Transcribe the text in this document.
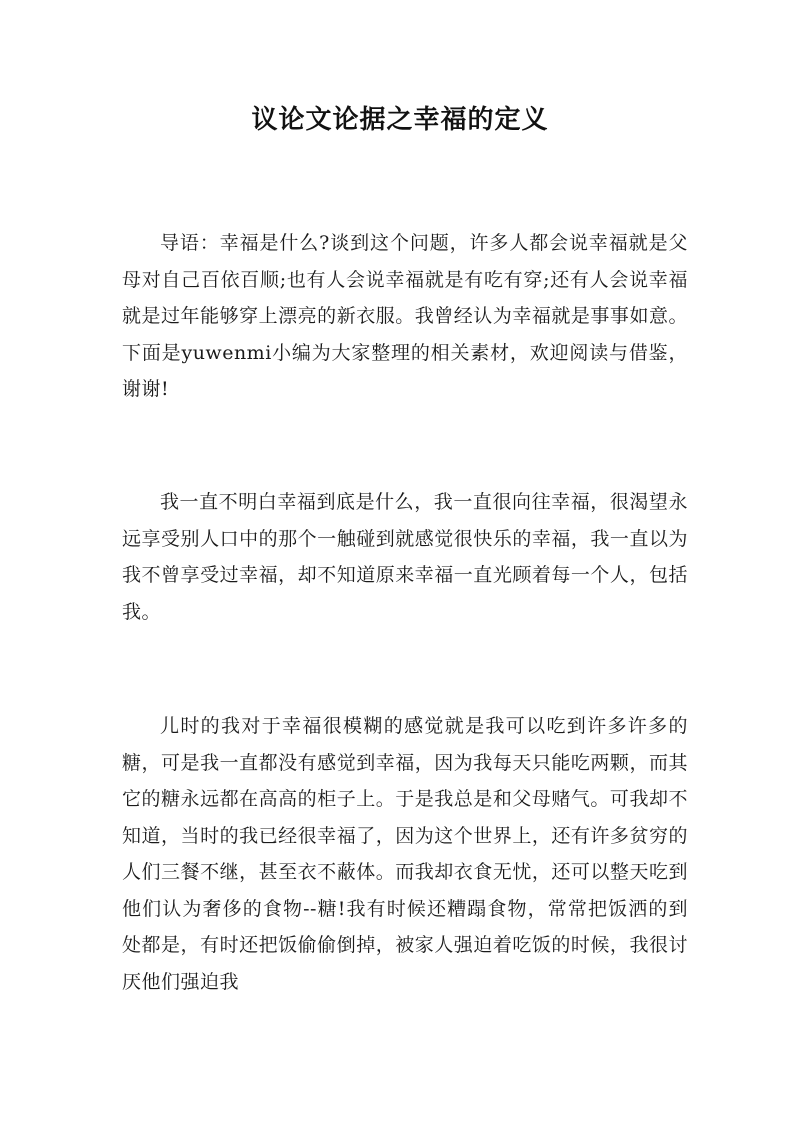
议论文论据之幸福的定义

导语：幸福是什么?谈到这个问题，许多人都会说幸福就是父母对自己百依百顺;也有人会说幸福就是有吃有穿;还有人会说幸福就是过年能够穿上漂亮的新衣服。我曾经认为幸福就是事事如意。下面是yuwenmi小编为大家整理的相关素材，欢迎阅读与借鉴，谢谢!

我一直不明白幸福到底是什么，我一直很向往幸福，很渴望永远享受别人口中的那个一触碰到就感觉很快乐的幸福，我一直以为我不曾享受过幸福，却不知道原来幸福一直光顾着每一个人，包括我。

儿时的我对于幸福很模糊的感觉就是我可以吃到许多许多的糖，可是我一直都没有感觉到幸福，因为我每天只能吃两颗，而其它的糖永远都在高高的柜子上。于是我总是和父母赌气。可我却不知道，当时的我已经很幸福了，因为这个世界上，还有许多贫穷的人们三餐不继，甚至衣不蔽体。而我却衣食无忧，还可以整天吃到他们认为奢侈的食物--糖!我有时候还糟蹋食物，常常把饭洒的到处都是，有时还把饭偷偷倒掉，被家人强迫着吃饭的时候，我很讨厌他们强迫我
